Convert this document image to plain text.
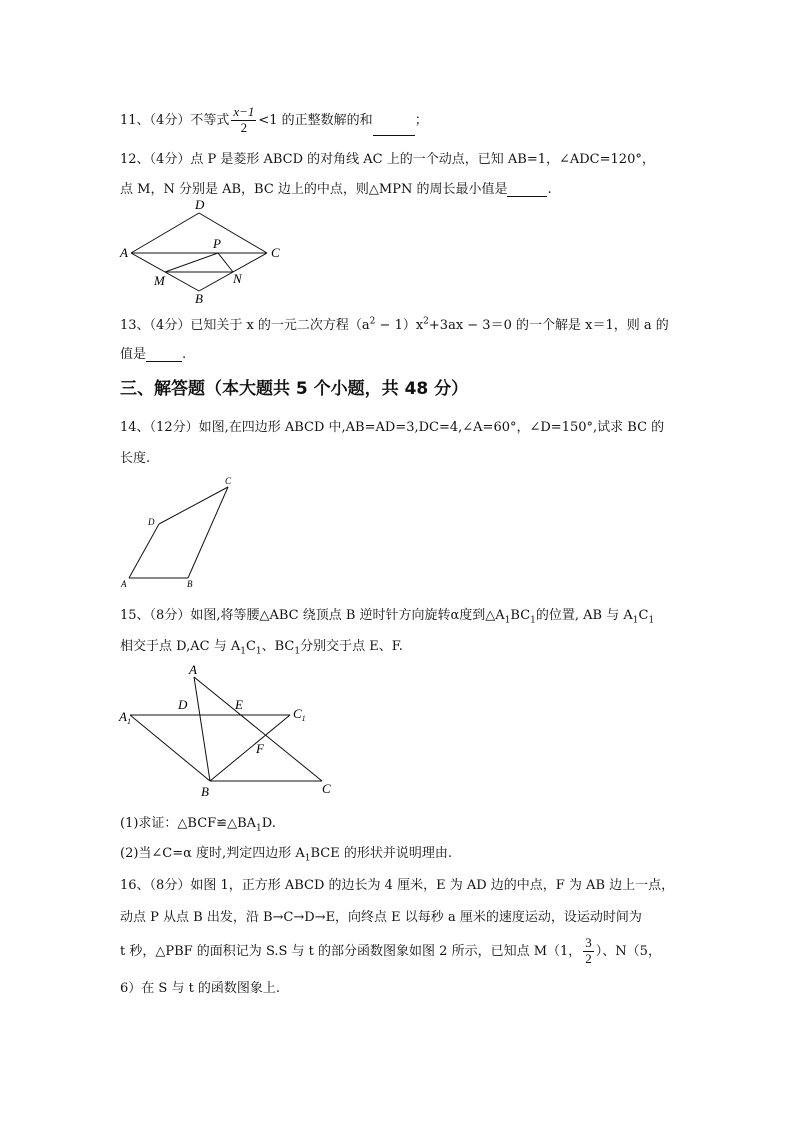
11、（4分）不等式 $\frac{x-1}{2} <1$ 的正整数解的和	；
12、（4分）点 P 是菱形 ABCD 的对角线 AC 上的一个动点，已知 AB=1，∠ADC=120°，
点 M，N 分别是 AB，BC 边上的中点，则△MPN 的周长最小值是	.
D
A
P
C
M	N
B
13、（4分）已知关于 x 的一元二次方程$(a^2 - 1)x^2+3ax - 3=0$ 的一个解是 x＝1，则 a 的
值是	.
三、解答题（本大题共 5 个小题，共 48 分）
14、（12分）如图,在四边形 ABCD 中,AB=AD=3,DC=4,∠A=60°，∠D=150°,试求 BC 的
长度.
C
D
A	B
15、（8分）如图,将等腰△ABC 绕顶点 B 逆时针方向旋转α度到$\triangle A_1BC_1$的位置, AB 与 $A_1C_1$
相交于点 D,AC 与 $A_1C_1$、$BC_1$分别交于点 E、F.
A
D	E
$A_1$
$C_1$
F
B	C
(1)求证：$\triangle BCF≌\triangle BA_1D$.
(2)当∠C=α 度时,判定四边形 $A_1BCE$ 的形状并说明理由.
16、（8分）如图 1，正方形 ABCD 的边长为 4 厘米，E 为 AD 边的中点，F 为 AB 边上一点，
动点 P 从点 B 出发，沿 B→C→D→E，向终点 E 以每秒 a 厘米的速度运动，设运动时间为
t 秒，△PBF 的面积记为 S.S 与 t 的部分函数图象如图 2 所示，已知点 M（1， $\frac{3}{2}$ ）、N（5，
6）在 S 与 t 的函数图象上.
